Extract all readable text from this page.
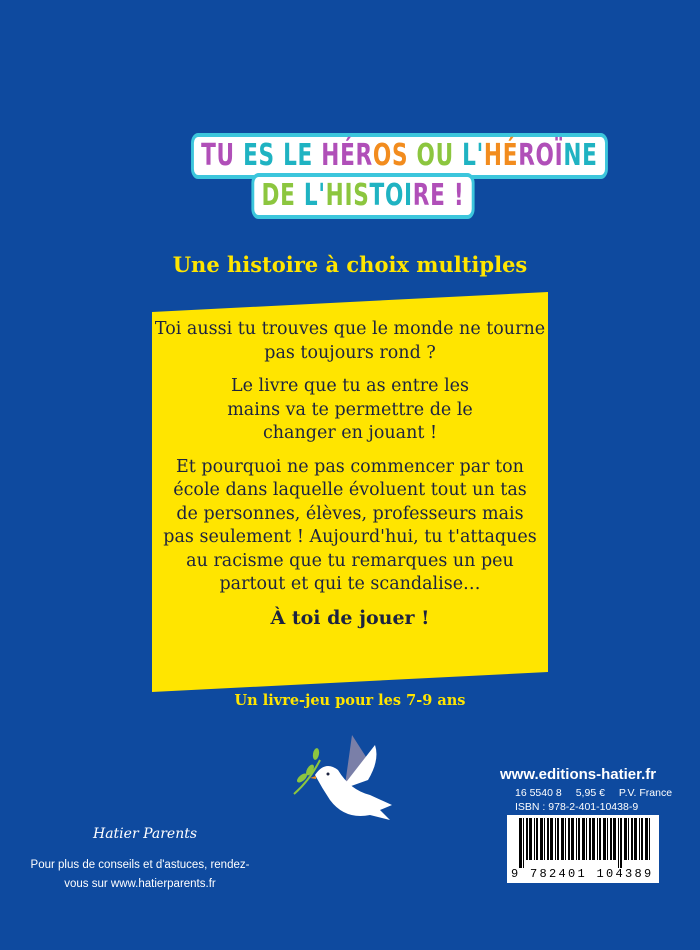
TU ES LE HÉROS OU L'HÉROÏNE
DE L'HISTOIRE !
Une histoire à choix multiples

Toi aussi tu trouves que le monde ne tourne pas toujours rond ?

Le livre que tu as entre les mains va te permettre de le changer en jouant !

Et pourquoi ne pas commencer par ton école dans laquelle évoluent tout un tas de personnes, élèves, professeurs mais pas seulement ! Aujourd'hui, tu t'attaques au racisme que tu remarques un peu partout et qui te scandalise…

À toi de jouer !

Un livre-jeu pour les 7-9 ans
www.editions-hatier.fr
16 5540 8 5,95 € P.V. France
ISBN : 978-2-401-10438-9
9 782401 104389
Hatier Parents
Pour plus de conseils et d'astuces, rendez-vous sur www.hatierparents.fr
